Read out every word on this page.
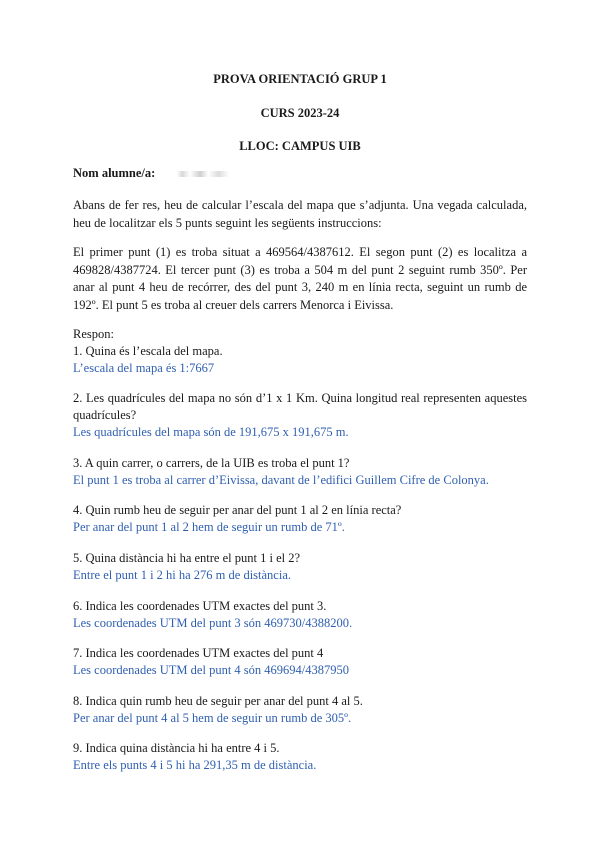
PROVA ORIENTACIÓ GRUP 1
CURS 2023-24
LLOC: CAMPUS UIB
Nom alumne/a:
Abans de fer res, heu de calcular l’escala del mapa que s’adjunta. Una vegada calculada, heu de localitzar els 5 punts seguint les següents instruccions:
El primer punt (1) es troba situat a 469564/4387612. El segon punt (2) es localitza a 469828/4387724. El tercer punt (3) es troba a 504 m del punt 2 seguint rumb 350º. Per anar al punt 4 heu de recórrer, des del punt 3, 240 m en línia recta, seguint un rumb de 192º. El punt 5 es troba al creuer dels carrers Menorca i Eivissa.
Respon:
1. Quina és l’escala del mapa.
L’escala del mapa és 1:7667
2. Les quadrícules del mapa no són d’1 x 1 Km. Quina longitud real representen aquestes quadrícules?
Les quadrícules del mapa són de 191,675 x 191,675 m.
3. A quin carrer, o carrers, de la UIB es troba el punt 1?
El punt 1 es troba al carrer d’Eivissa, davant de l’edifici Guillem Cifre de Colonya.
4. Quin rumb heu de seguir per anar del punt 1 al 2 en línia recta?
Per anar del punt 1 al 2 hem de seguir un rumb de 71º.
5. Quina distància hi ha entre el punt 1 i el 2?
Entre el punt 1 i 2 hi ha 276 m de distància.
6. Indica les coordenades UTM exactes del punt 3.
Les coordenades UTM del punt 3 són 469730/4388200.
7. Indica les coordenades UTM exactes del punt 4
Les coordenades UTM del punt 4 són 469694/4387950
8. Indica quin rumb heu de seguir per anar del punt 4 al 5.
Per anar del punt 4 al 5 hem de seguir un rumb de 305º.
9. Indica quina distància hi ha entre 4 i 5.
Entre els punts 4 i 5 hi ha 291,35 m de distància.
